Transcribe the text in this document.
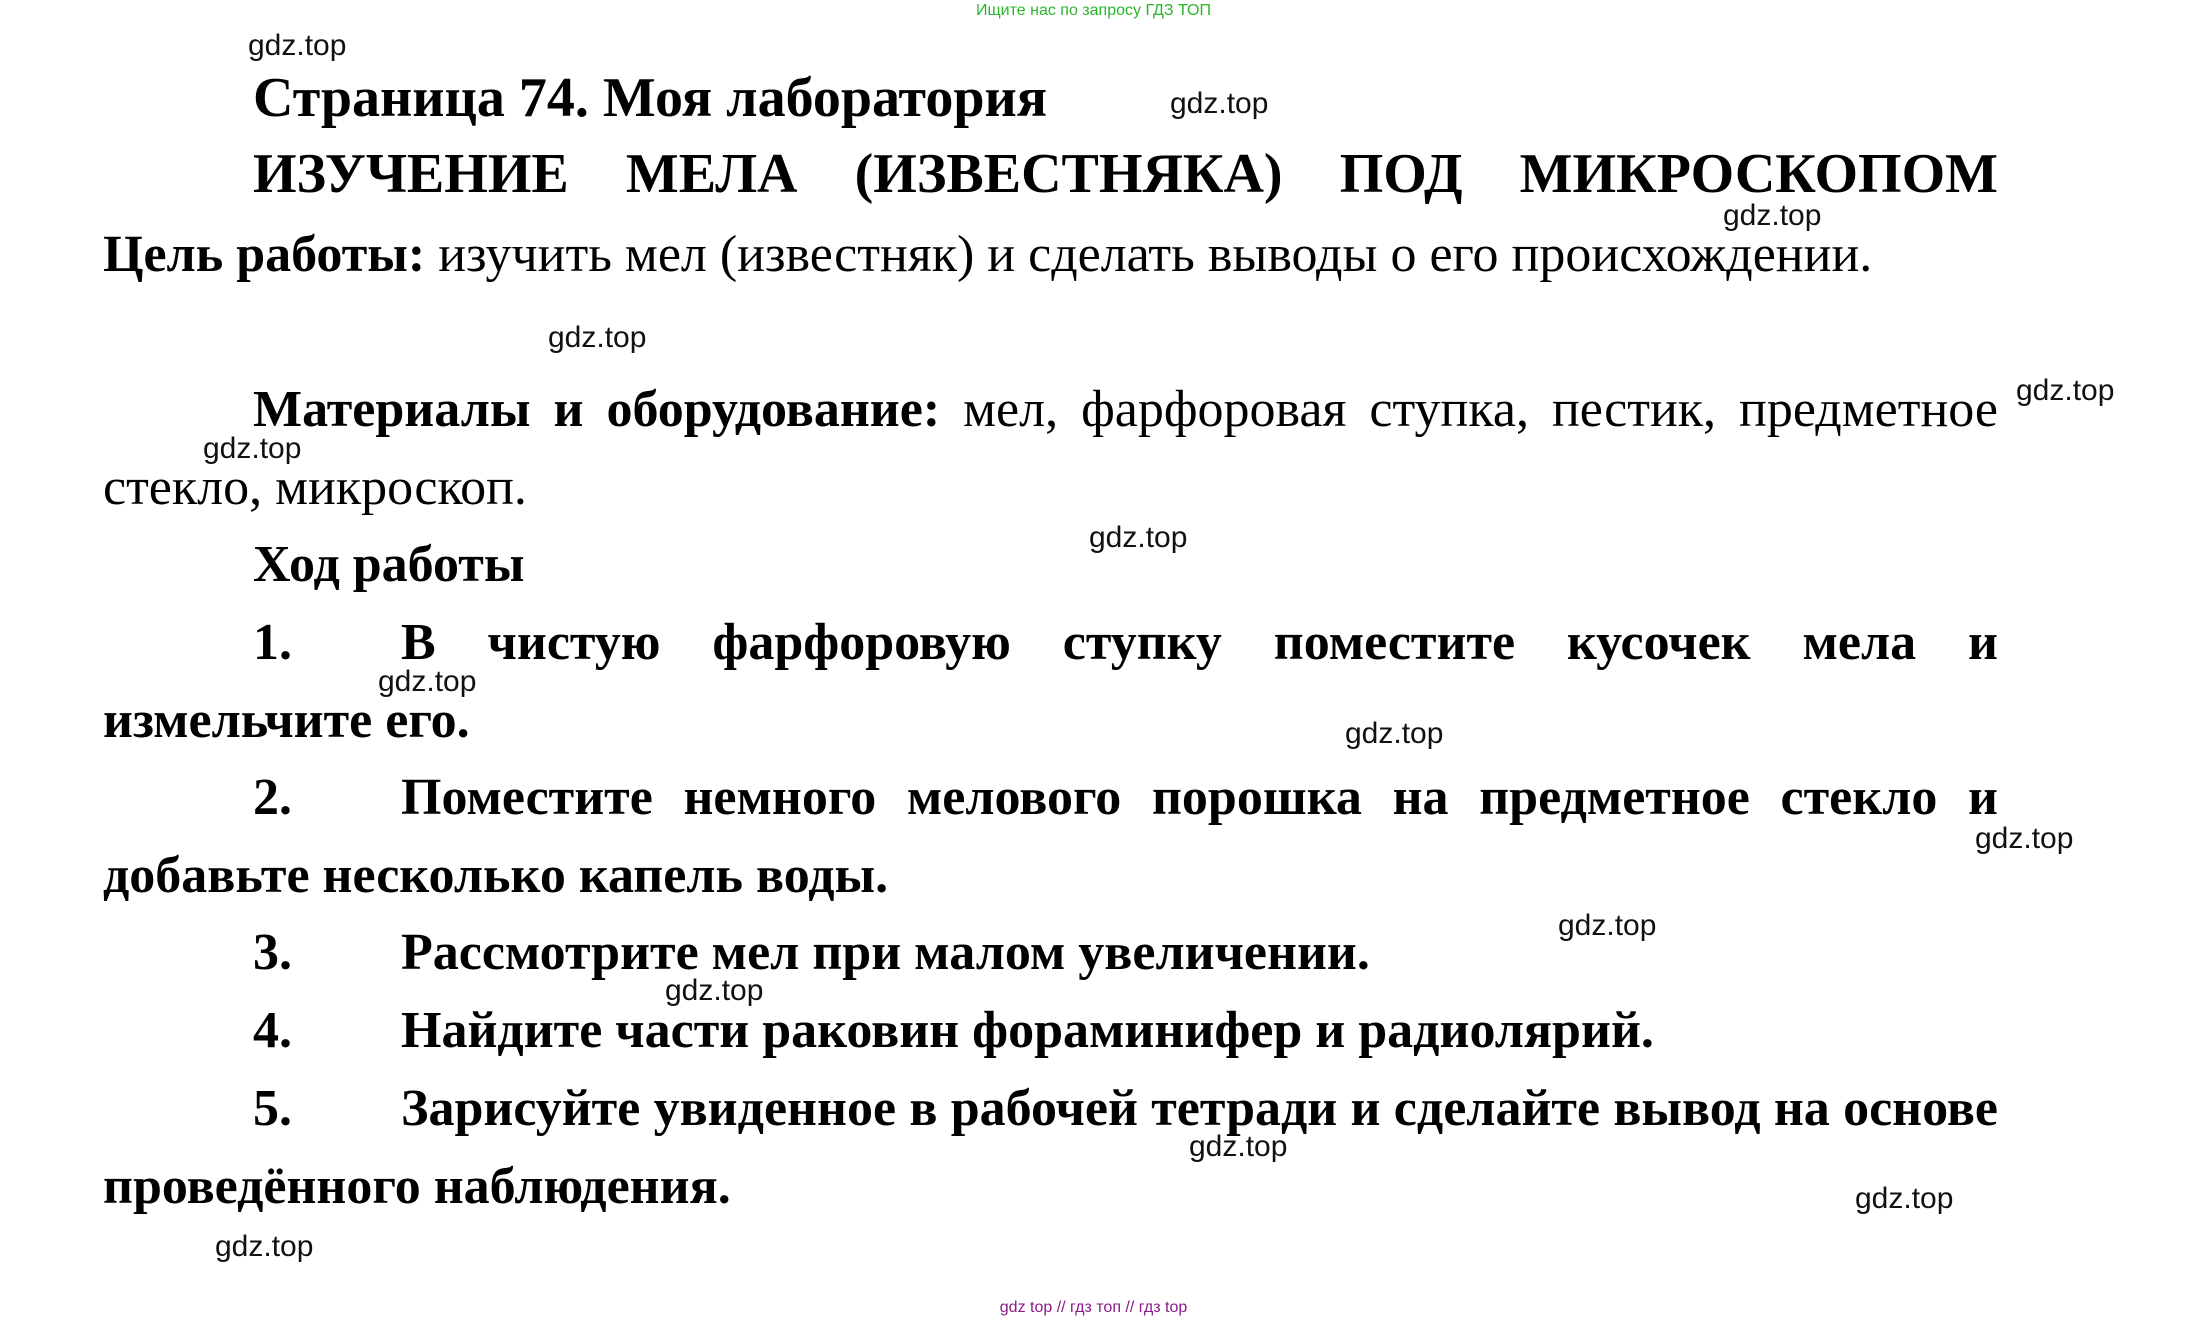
Ищите нас по запросу ГДЗ ТОП
gdz.top
gdz.top
gdz.top
gdz.top
gdz.top
gdz.top
gdz.top
gdz.top
gdz.top
gdz.top
gdz.top
gdz.top
gdz.top
gdz.top
gdz.top
Страница 74. Моя лаборатория
ИЗУЧЕНИЕ МЕЛА (ИЗВЕСТНЯКА) ПОД МИКРОСКОПОМ
Цель работы: изучить мел (известняк) и сделать выводы о его происхождении.
Материалы и оборудование: мел, фарфоровая ступка, пестик, предметное стекло, микроскоп.
Ход работы
1. В чистую фарфоровую ступку поместите кусочек мела и измельчите его.
2. Поместите немного мелового порошка на предметное стекло и добавьте несколько капель воды.
3. Рассмотрите мел при малом увеличении.
4. Найдите части раковин фораминифер и радиолярий.
5. Зарисуйте увиденное в рабочей тетради и сделайте вывод на основе проведённого наблюдения.
gdz top // гдз топ // гдз top
